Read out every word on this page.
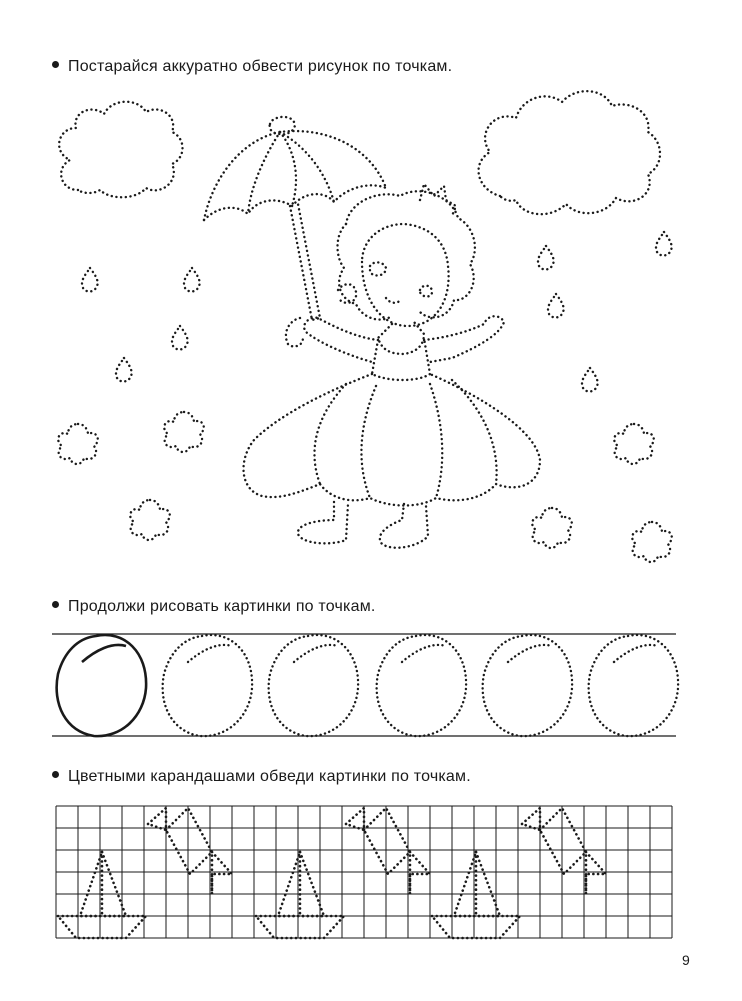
Постарайся аккуратно обвести рисунок по точкам.
Продолжи рисовать картинки по точкам.
Цветными карандашами обведи картинки по точкам.
9
